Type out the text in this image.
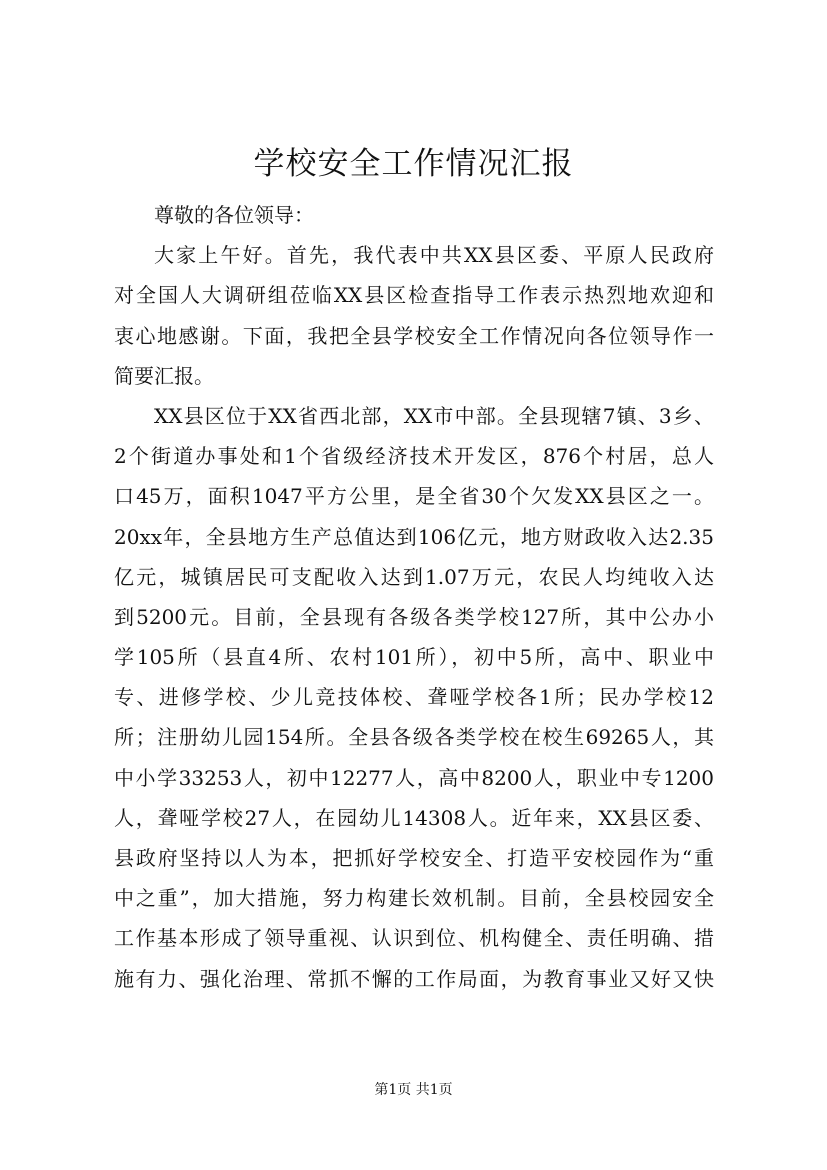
学校安全工作情况汇报
尊敬的各位领导：
大家上午好。首先，我代表中共XX县区委、平原人民政府
对全国人大调研组莅临XX县区检查指导工作表示热烈地欢迎和
衷心地感谢。下面，我把全县学校安全工作情况向各位领导作一
简要汇报。
XX县区位于XX省西北部，XX市中部。全县现辖7镇、3乡、
2个街道办事处和1个省级经济技术开发区，876个村居，总人
口45万，面积1047平方公里，是全省30个欠发XX县区之一。
20xx年，全县地方生产总值达到106亿元，地方财政收入达2.35
亿元，城镇居民可支配收入达到1.07万元，农民人均纯收入达
到5200元。目前，全县现有各级各类学校127所，其中公办小
学105所（县直4所、农村101所），初中5所，高中、职业中
专、进修学校、少儿竞技体校、聋哑学校各1所；民办学校12
所；注册幼儿园154所。全县各级各类学校在校生69265人，其
中小学33253人，初中12277人，高中8200人，职业中专1200
人，聋哑学校27人，在园幼儿14308人。近年来，XX县区委、
县政府坚持以人为本，把抓好学校安全、打造平安校园作为“重
中之重”，加大措施，努力构建长效机制。目前，全县校园安全
工作基本形成了领导重视、认识到位、机构健全、责任明确、措
施有力、强化治理、常抓不懈的工作局面，为教育事业又好又快
第1页 共1页
